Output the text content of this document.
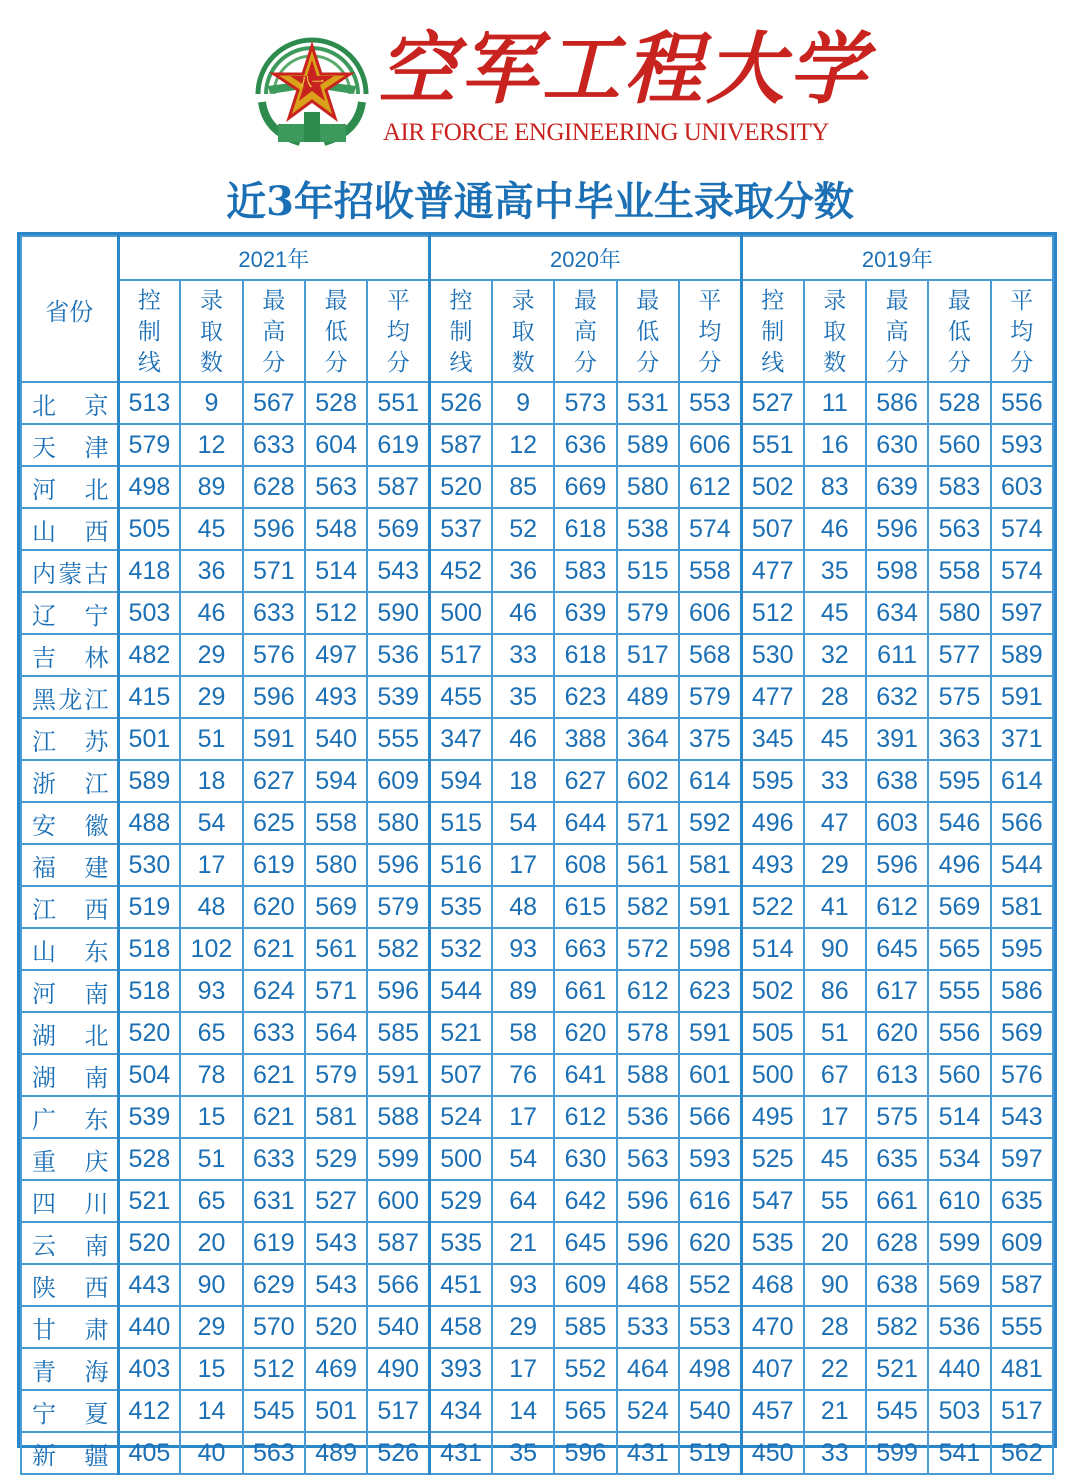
八一 空军工程大学
AIR FORCE ENGINEERING UNIVERSITY
近3年招收普通高中毕业生录取分数
省份	2021年					2020年					2019年				
	控
制
线	录
取
数	最
高
分	最
低
分	平
均
分	控
制
线	录
取
数	最
高
分	最
低
分	平
均
分	控
制
线	录
取
数	最
高
分	最
低
分	平
均
分
北京	513	9	567	528	551	526	9	573	531	553	527	11	586	528	556
天津	579	12	633	604	619	587	12	636	589	606	551	16	630	560	593
河北	498	89	628	563	587	520	85	669	580	612	502	83	639	583	603
山西	505	45	596	548	569	537	52	618	538	574	507	46	596	563	574
内蒙古	418	36	571	514	543	452	36	583	515	558	477	35	598	558	574
辽宁	503	46	633	512	590	500	46	639	579	606	512	45	634	580	597
吉林	482	29	576	497	536	517	33	618	517	568	530	32	611	577	589
黑龙江	415	29	596	493	539	455	35	623	489	579	477	28	632	575	591
江苏	501	51	591	540	555	347	46	388	364	375	345	45	391	363	371
浙江	589	18	627	594	609	594	18	627	602	614	595	33	638	595	614
安徽	488	54	625	558	580	515	54	644	571	592	496	47	603	546	566
福建	530	17	619	580	596	516	17	608	561	581	493	29	596	496	544
江西	519	48	620	569	579	535	48	615	582	591	522	41	612	569	581
山东	518	102	621	561	582	532	93	663	572	598	514	90	645	565	595
河南	518	93	624	571	596	544	89	661	612	623	502	86	617	555	586
湖北	520	65	633	564	585	521	58	620	578	591	505	51	620	556	569
湖南	504	78	621	579	591	507	76	641	588	601	500	67	613	560	576
广东	539	15	621	581	588	524	17	612	536	566	495	17	575	514	543
重庆	528	51	633	529	599	500	54	630	563	593	525	45	635	534	597
四川	521	65	631	527	600	529	64	642	596	616	547	55	661	610	635
云南	520	20	619	543	587	535	21	645	596	620	535	20	628	599	609
陕西	443	90	629	543	566	451	93	609	468	552	468	90	638	569	587
甘肃	440	29	570	520	540	458	29	585	533	553	470	28	582	536	555
青海	403	15	512	469	490	393	17	552	464	498	407	22	521	440	481
宁夏	412	14	545	501	517	434	14	565	524	540	457	21	545	503	517
新疆	405	40	563	489	526	431	35	596	431	519	450	33	599	541	562
